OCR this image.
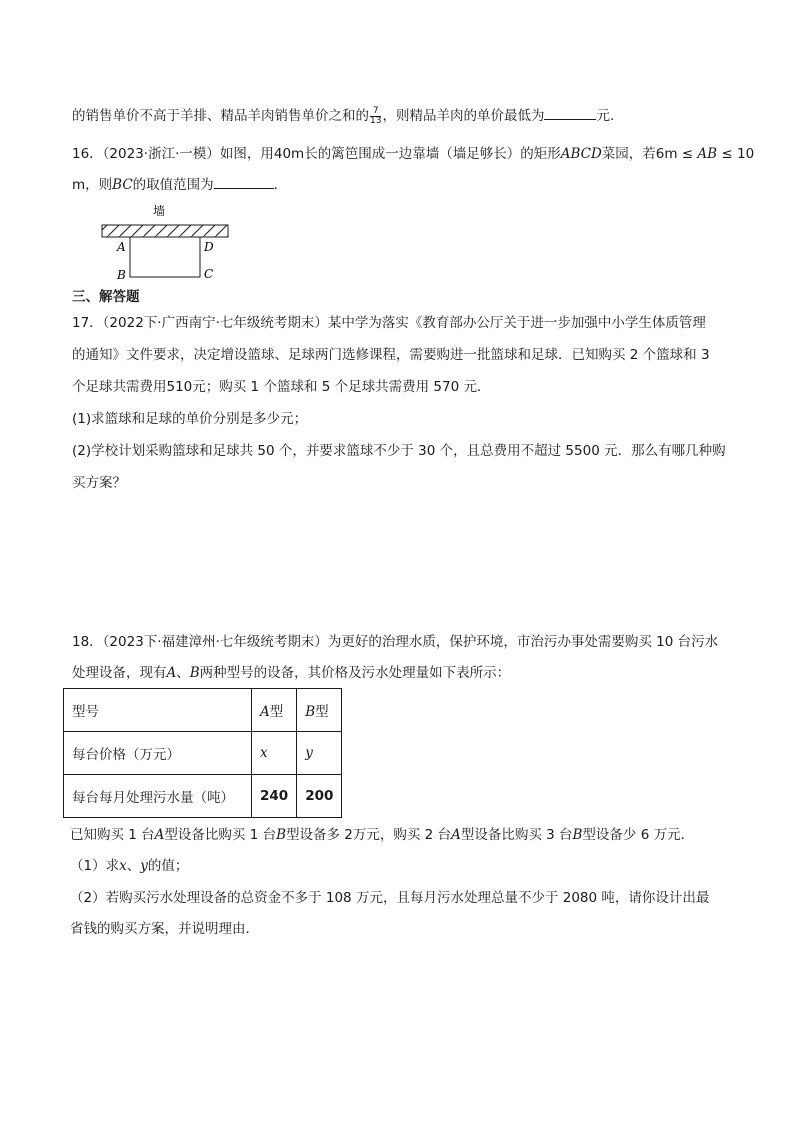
的销售单价不高于羊排、精品羊肉销售单价之和的 $\frac{7}{13}$ ，则精品羊肉的单价最低为	元.
16．（2023·浙江·一模）如图，用40m长的篱笆围成一边靠墙（墙足够长）的矩形ABCD菜园，若6m ≤ AB ≤ 10
m，则BC的取值范围为	.
墙
A	D
B	C
三、解答题
17．（2022下·广西南宁·七年级统考期末）某中学为落实《教育部办公厅关于进一步加强中小学生体质管理
的通知》文件要求，决定增设篮球、足球两门选修课程，需要购进一批篮球和足球．已知购买 2 个篮球和 3
个足球共需费用510元；购买 1 个篮球和 5 个足球共需费用 570 元．
(1)求篮球和足球的单价分别是多少元；
(2)学校计划采购篮球和足球共 50 个，并要求篮球不少于 30 个，且总费用不超过 5500 元．那么有哪几种购
买方案？
18．（2023下·福建漳州·七年级统考期末）为更好的治理水质，保护环境，市治污办事处需要购买 10 台污水
处理设备，现有A、B两种型号的设备，其价格及污水处理量如下表所示：
型号	A型	B型
每台价格（万元）	x	y
每台每月处理污水量（吨）	240	200
已知购买 1 台A型设备比购买 1 台B型设备多 2万元，购买 2 台A型设备比购买 3 台B型设备少 6 万元．
（1）求x、y的值；
（2）若购买污水处理设备的总资金不多于 108 万元，且每月污水处理总量不少于 2080 吨，请你设计出最
省钱的购买方案，并说明理由．
